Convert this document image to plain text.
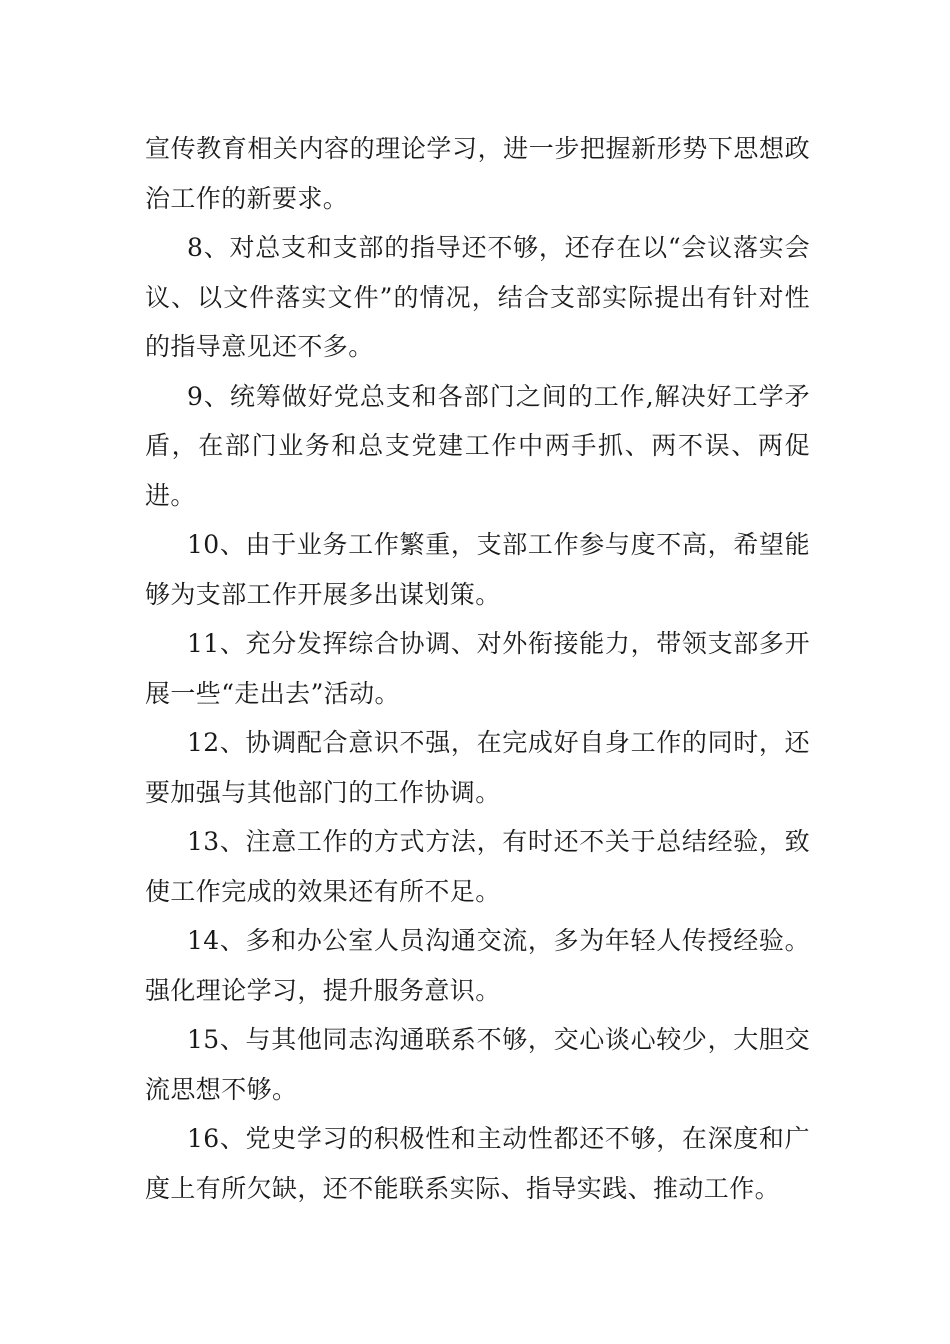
宣传教育相关内容的理论学习，进一步把握新形势下思想政治工作的新要求。

8、对总支和支部的指导还不够，还存在以“会议落实会议、以文件落实文件”的情况，结合支部实际提出有针对性的指导意见还不多。

9、统筹做好党总支和各部门之间的工作,解决好工学矛盾，在部门业务和总支党建工作中两手抓、两不误、两促进。

10、由于业务工作繁重，支部工作参与度不高，希望能够为支部工作开展多出谋划策。

11、充分发挥综合协调、对外衔接能力，带领支部多开展一些“走出去”活动。

12、协调配合意识不强，在完成好自身工作的同时，还要加强与其他部门的工作协调。

13、注意工作的方式方法，有时还不关于总结经验，致使工作完成的效果还有所不足。

14、多和办公室人员沟通交流，多为年轻人传授经验。强化理论学习，提升服务意识。

15、与其他同志沟通联系不够，交心谈心较少，大胆交流思想不够。

16、党史学习的积极性和主动性都还不够，在深度和广度上有所欠缺，还不能联系实际、指导实践、推动工作。
